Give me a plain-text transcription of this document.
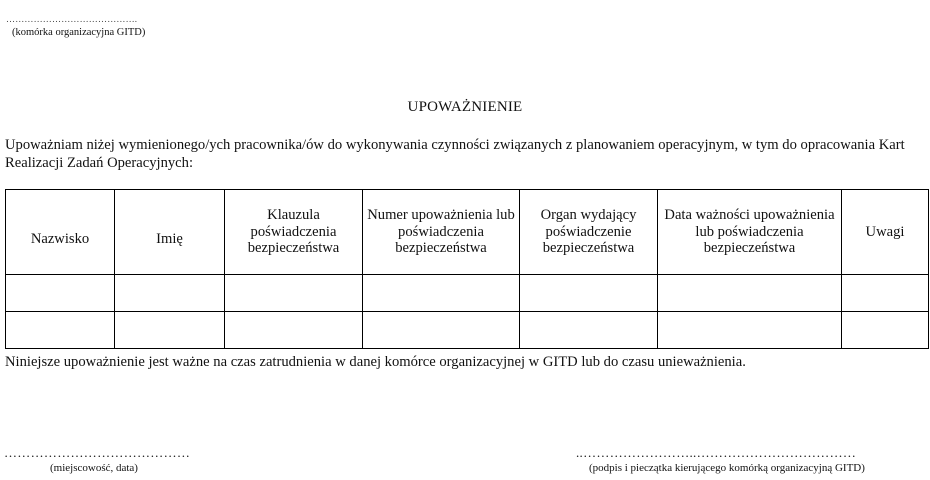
…………………………………….
(komórka organizacyjna GITD)
UPOWAŻNIENIE
Upoważniam niżej wymienionego/ych pracownika/ów do wykonywania czynności związanych z planowaniem operacyjnym, w tym do opracowania Kart Realizacji Zadań Operacyjnych:
Nazwisko	Imię	Klauzula poświadczenia bezpieczeństwa	Numer upoważnienia lub poświadczenia bezpieczeństwa	Organ wydający poświadczenie bezpieczeństwa	Data ważności upoważnienia lub poświadczenia bezpieczeństwa	Uwagi

Niniejsze upoważnienie jest ważne na czas zatrudnienia w danej komórce organizacyjnej w GITD lub do czasu unieważnienia.
……………………………………
(miejscowość, data)
..……………………..………………………………
(podpis i pieczątka kierującego komórką organizacyjną GITD)
